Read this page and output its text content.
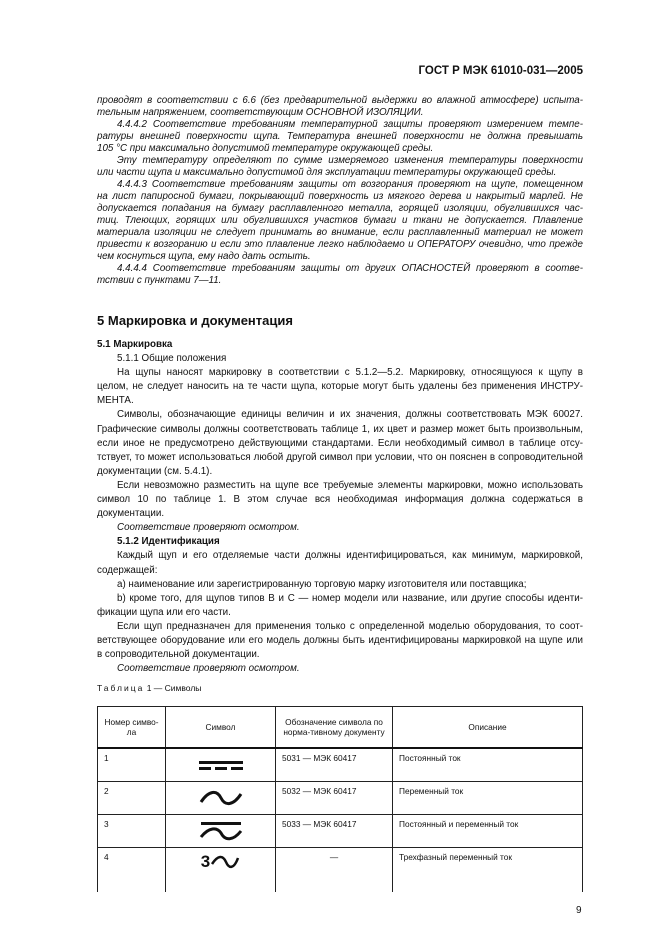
ГОСТ Р МЭК 61010-031—2005
проводят в соответствии с 6.6 (без предварительной выдержки во влажной атмосфере) испыта-
тельным напряжением, соответствующим ОСНОВНОЙ ИЗОЛЯЦИИ.
4.4.4.2 Соответствие требованиям температурной защиты проверяют измерением темпе-
ратуры внешней поверхности щупа. Температура внешней поверхности не должна превышать
105 °С при максимально допустимой температуре окружающей среды.
Эту температуру определяют по сумме измеряемого изменения температуры поверхности
или части щупа и максимально допустимой для эксплуатации температуры окружающей среды.
4.4.4.3 Соответствие требованиям защиты от возгорания проверяют на щупе, помещенном
на лист папиросной бумаги, покрывающий поверхность из мягкого дерева и накрытый марлей. Не
допускается попадания на бумагу расплавленного металла, горящей изоляции, обуглившихся час-
тиц. Тлеющих, горящих или обуглившихся участков бумаги и ткани не допускается. Плавление
материала изоляции не следует принимать во внимание, если расплавленный материал не может
привести к возгоранию и если это плавление легко наблюдаемо и ОПЕРАТОРУ очевидно, что прежде
чем коснуться щупа, ему надо дать остыть.
4.4.4.4 Соответствие требованиям защиты от других ОПАСНОСТЕЙ проверяют в соотве-
тствии с пунктами 7—11.
5 Маркировка и документация
5.1 Маркировка
5.1.1 Общие положения
На щупы наносят маркировку в соответствии с 5.1.2—5.2. Маркировку, относящуюся к щупу в
целом, не следует наносить на те части щупа, которые могут быть удалены без применения ИНСТРУ-
МЕНТА.
Символы, обозначающие единицы величин и их значения, должны соответствовать МЭК 60027.
Графические символы должны соответствовать таблице 1, их цвет и размер может быть произвольным,
если иное не предусмотрено действующими стандартами. Если необходимый символ в таблице отсу-
тствует, то может использоваться любой другой символ при условии, что он пояснен в сопроводительной
документации (см. 5.4.1).
Если невозможно разместить на щупе все требуемые элементы маркировки, можно использовать
символ 10 по таблице 1. В этом случае вся необходимая информация должна содержаться в
документации.
Соответствие проверяют осмотром.
5.1.2 Идентификация
Каждый щуп и его отделяемые части должны идентифицироваться, как минимум, маркировкой,
содержащей:
a) наименование или зарегистрированную торговую марку изготовителя или поставщика;
b) кроме того, для щупов типов В и С — номер модели или название, или другие способы иденти-
фикации щупа или его части.
Если щуп предназначен для применения только с определенной моделью оборудования, то соот-
ветствующее оборудование или его модель должны быть идентифицированы маркировкой на щупе или
в сопроводительной документации.
Соответствие проверяют осмотром.
Таблица 1 — Символы
Номер симво-ла	Символ	Обозначение символа по норма-тивному документу	Описание
1		5031 — МЭК 60417	Постоянный ток
2		5032 — МЭК 60417	Переменный ток
3		5033 — МЭК 60417	Постоянный и переменный ток
4	3	—	Трехфазный переменный ток
9
